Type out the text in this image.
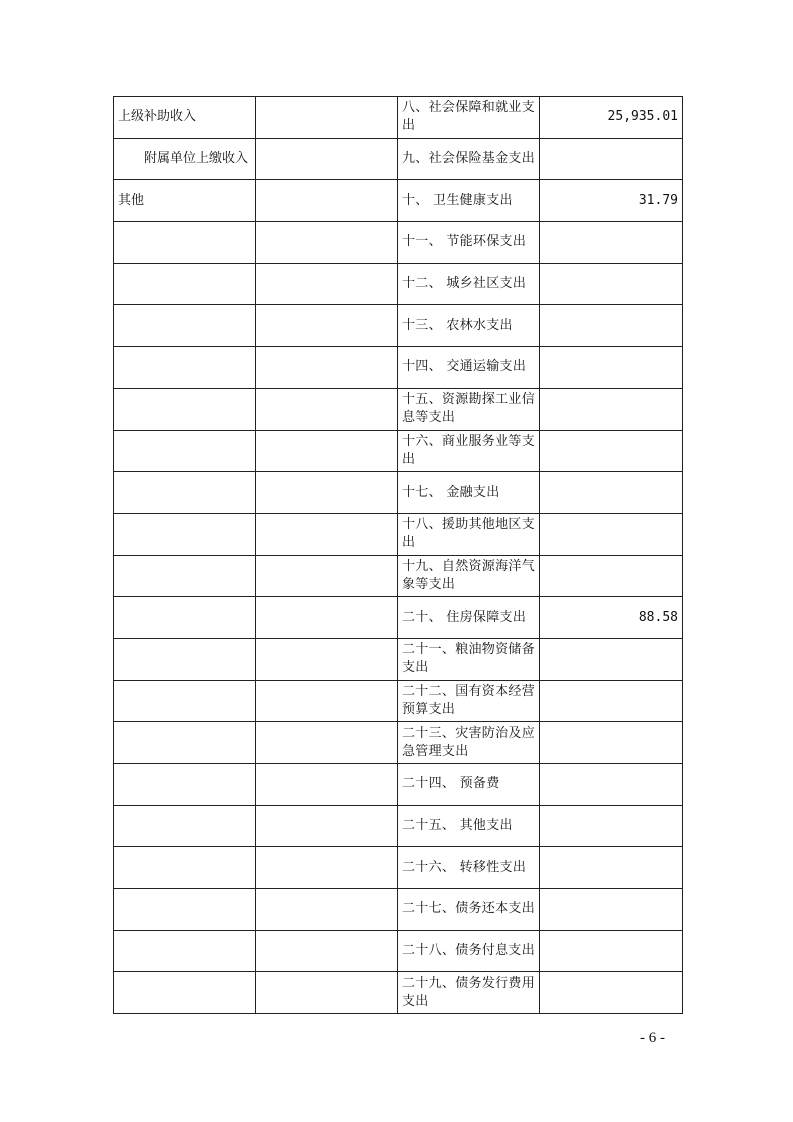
上级补助收入		八、社会保障和就业支出	25,935.01
附属单位上缴收入		九、社会保险基金支出	
其他		十、 卫生健康支出	31.79
		十一、 节能环保支出	
		十二、 城乡社区支出	
		十三、 农林水支出	
		十四、 交通运输支出	
		十五、资源勘探工业信息等支出	
		十六、商业服务业等支出	
		十七、 金融支出	
		十八、援助其他地区支出	
		十九、自然资源海洋气象等支出	
		二十、 住房保障支出	88.58
		二十一、粮油物资储备支出	
		二十二、国有资本经营预算支出	
		二十三、灾害防治及应急管理支出	
		二十四、 预备费	
		二十五、 其他支出	
		二十六、 转移性支出	
		二十七、债务还本支出	
		二十八、债务付息支出	
		二十九、债务发行费用支出	
- 6 -
